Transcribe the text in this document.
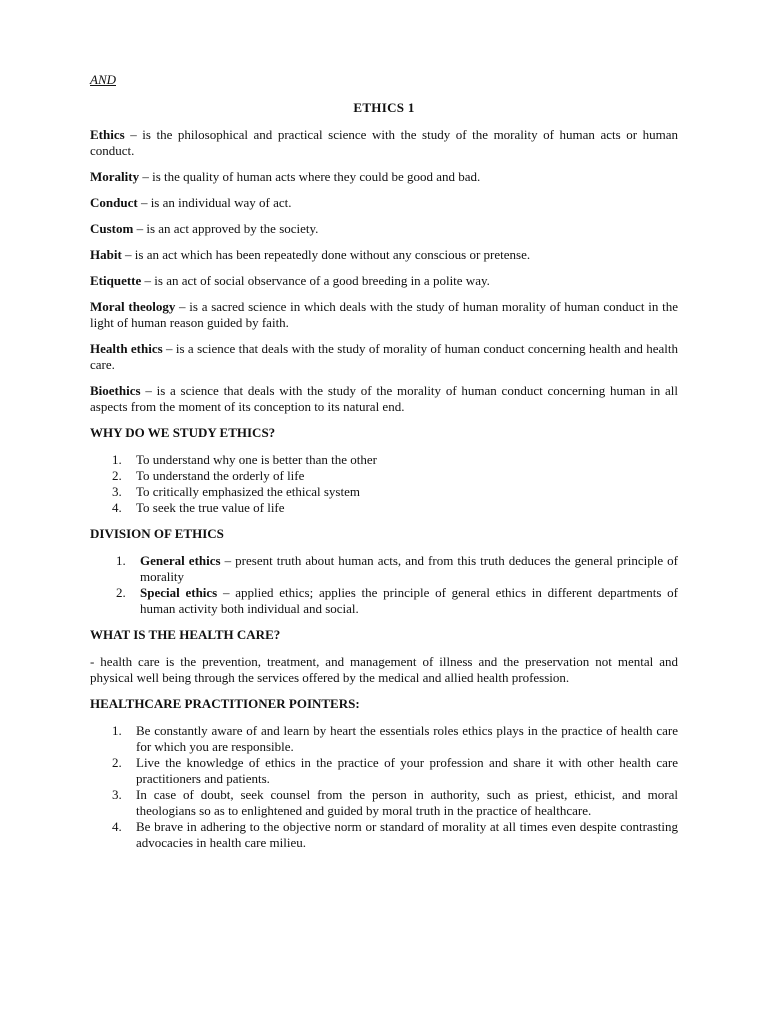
AND

ETHICS 1

Ethics – is the philosophical and practical science with the study of the morality of human acts or human conduct.

Morality – is the quality of human acts where they could be good and bad.

Conduct – is an individual way of act.

Custom – is an act approved by the society.

Habit – is an act which has been repeatedly done without any conscious or pretense.

Etiquette – is an act of social observance of a good breeding in a polite way.

Moral theology – is a sacred science in which deals with the study of human morality of human conduct in the light of human reason guided by faith.

Health ethics – is a science that deals with the study of morality of human conduct concerning health and health care.

Bioethics – is a science that deals with the study of the morality of human conduct concerning human in all aspects from the moment of its conception to its natural end.

WHY DO WE STUDY ETHICS?

1. To understand why one is better than the other
2. To understand the orderly of life
3. To critically emphasized the ethical system
4. To seek the true value of life

DIVISION OF ETHICS

1. General ethics – present truth about human acts, and from this truth deduces the general principle of morality
2. Special ethics – applied ethics; applies the principle of general ethics in different departments of human activity both individual and social.

WHAT IS THE HEALTH CARE?

- health care is the prevention, treatment, and management of illness and the preservation not mental and physical well being through the services offered by the medical and allied health profession.

HEALTHCARE PRACTITIONER POINTERS:

1. Be constantly aware of and learn by heart the essentials roles ethics plays in the practice of health care for which you are responsible.
2. Live the knowledge of ethics in the practice of your profession and share it with other health care practitioners and patients.
3. In case of doubt, seek counsel from the person in authority, such as priest, ethicist, and moral theologians so as to enlightened and guided by moral truth in the practice of healthcare.
4. Be brave in adhering to the objective norm or standard of morality at all times even despite contrasting advocacies in health care milieu.
